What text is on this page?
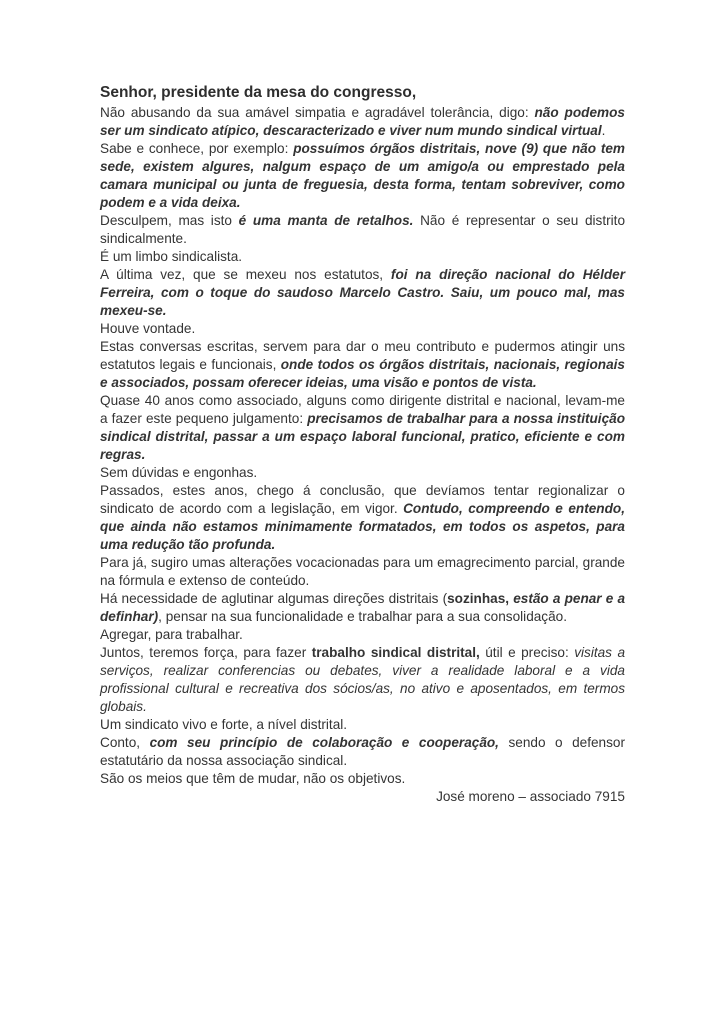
Senhor, presidente da mesa do congresso,

Não abusando da sua amável simpatia e agradável tolerância, digo: não podemos ser um sindicato atípico, descaracterizado e viver num mundo sindical virtual.

Sabe e conhece, por exemplo: possuímos órgãos distritais, nove (9) que não tem sede, existem algures, nalgum espaço de um amigo/a ou emprestado pela camara municipal ou junta de freguesia, desta forma, tentam sobreviver, como podem e a vida deixa.

Desculpem, mas isto é uma manta de retalhos. Não é representar o seu distrito sindicalmente.

É um limbo sindicalista.

A última vez, que se mexeu nos estatutos, foi na direção nacional do Hélder Ferreira, com o toque do saudoso Marcelo Castro. Saiu, um pouco mal, mas mexeu-se.

Houve vontade.

Estas conversas escritas, servem para dar o meu contributo e pudermos atingir uns estatutos legais e funcionais, onde todos os órgãos distritais, nacionais, regionais e associados, possam oferecer ideias, uma visão e pontos de vista.

Quase 40 anos como associado, alguns como dirigente distrital e nacional, levam-me a fazer este pequeno julgamento: precisamos de trabalhar para a nossa instituição sindical distrital, passar a um espaço laboral funcional, pratico, eficiente e com regras.

Sem dúvidas e engonhas.

Passados, estes anos, chego á conclusão, que devíamos tentar regionalizar o sindicato de acordo com a legislação, em vigor. Contudo, compreendo e entendo, que ainda não estamos minimamente formatados, em todos os aspetos, para uma redução tão profunda.

Para já, sugiro umas alterações vocacionadas para um emagrecimento parcial, grande na fórmula e extenso de conteúdo.

Há necessidade de aglutinar algumas direções distritais (sozinhas, estão a penar e a definhar), pensar na sua funcionalidade e trabalhar para a sua consolidação.

Agregar, para trabalhar.

Juntos, teremos força, para fazer trabalho sindical distrital, útil e preciso: visitas a serviços, realizar conferencias ou debates, viver a realidade laboral e a vida profissional cultural e recreativa dos sócios/as, no ativo e aposentados, em termos globais.

Um sindicato vivo e forte, a nível distrital.

Conto, com seu princípio de colaboração e cooperação, sendo o defensor estatutário da nossa associação sindical.

São os meios que têm de mudar, não os objetivos.

José moreno – associado 7915
